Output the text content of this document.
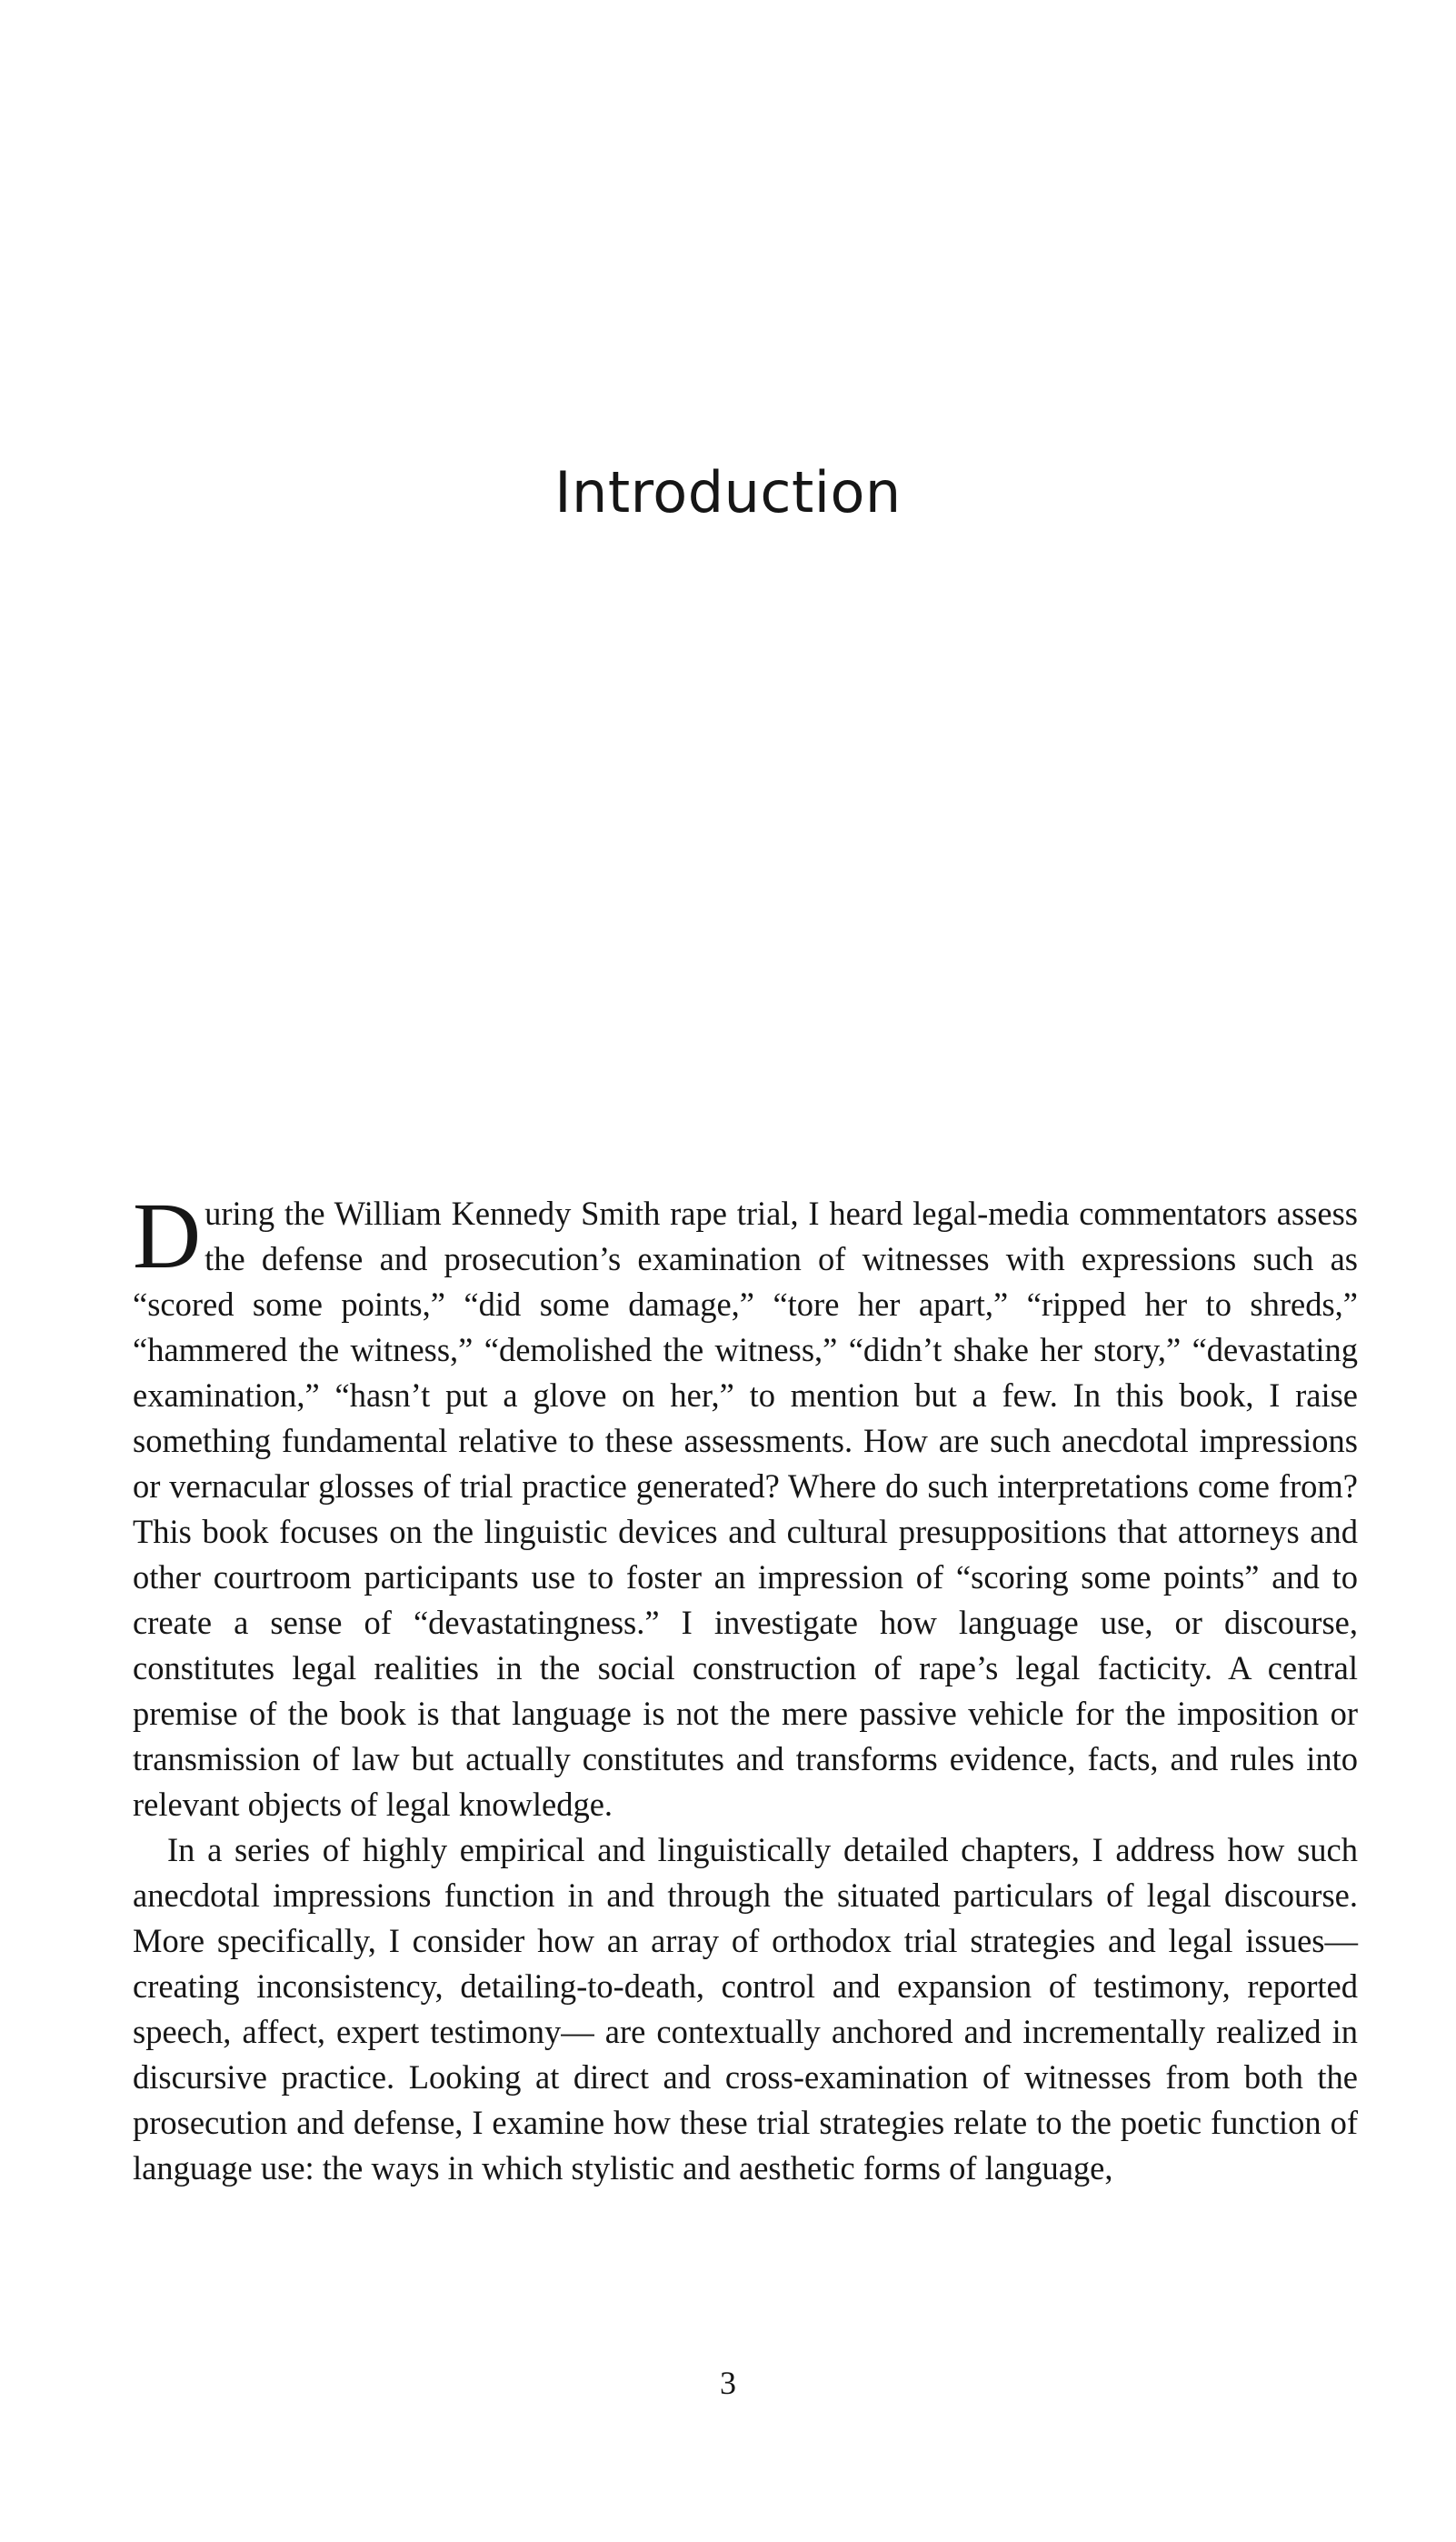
Introduction

During the William Kennedy Smith rape trial, I heard legal-media commentators assess the defense and prosecution’s examination of witnesses with expressions such as “scored some points,” “did some damage,” “tore her apart,” “ripped her to shreds,” “hammered the witness,” “demolished the witness,” “didn’t shake her story,” “devastating examination,” “hasn’t put a glove on her,” to mention but a few. In this book, I raise something fundamental relative to these assessments. How are such anecdotal impressions or vernacular glosses of trial practice generated? Where do such interpretations come from? This book focuses on the linguistic devices and cultural presuppositions that attorneys and other courtroom participants use to foster an impression of “scoring some points” and to create a sense of “devastatingness.” I investigate how language use, or discourse, constitutes legal realities in the social construction of rape’s legal facticity. A central premise of the book is that language is not the mere passive vehicle for the imposition or transmission of law but actually constitutes and transforms evidence, facts, and rules into relevant objects of legal knowledge.

In a series of highly empirical and linguistically detailed chapters, I address how such anecdotal impressions function in and through the situated particulars of legal discourse. More specifically, I consider how an array of orthodox trial strategies and legal issues—creating inconsistency, detailing-to-death, control and expansion of testimony, reported speech, affect, expert testimony— are contextually anchored and incrementally realized in discursive practice. Looking at direct and cross-examination of witnesses from both the prosecution and defense, I examine how these trial strategies relate to the poetic function of language use: the ways in which stylistic and aesthetic forms of language,

3
